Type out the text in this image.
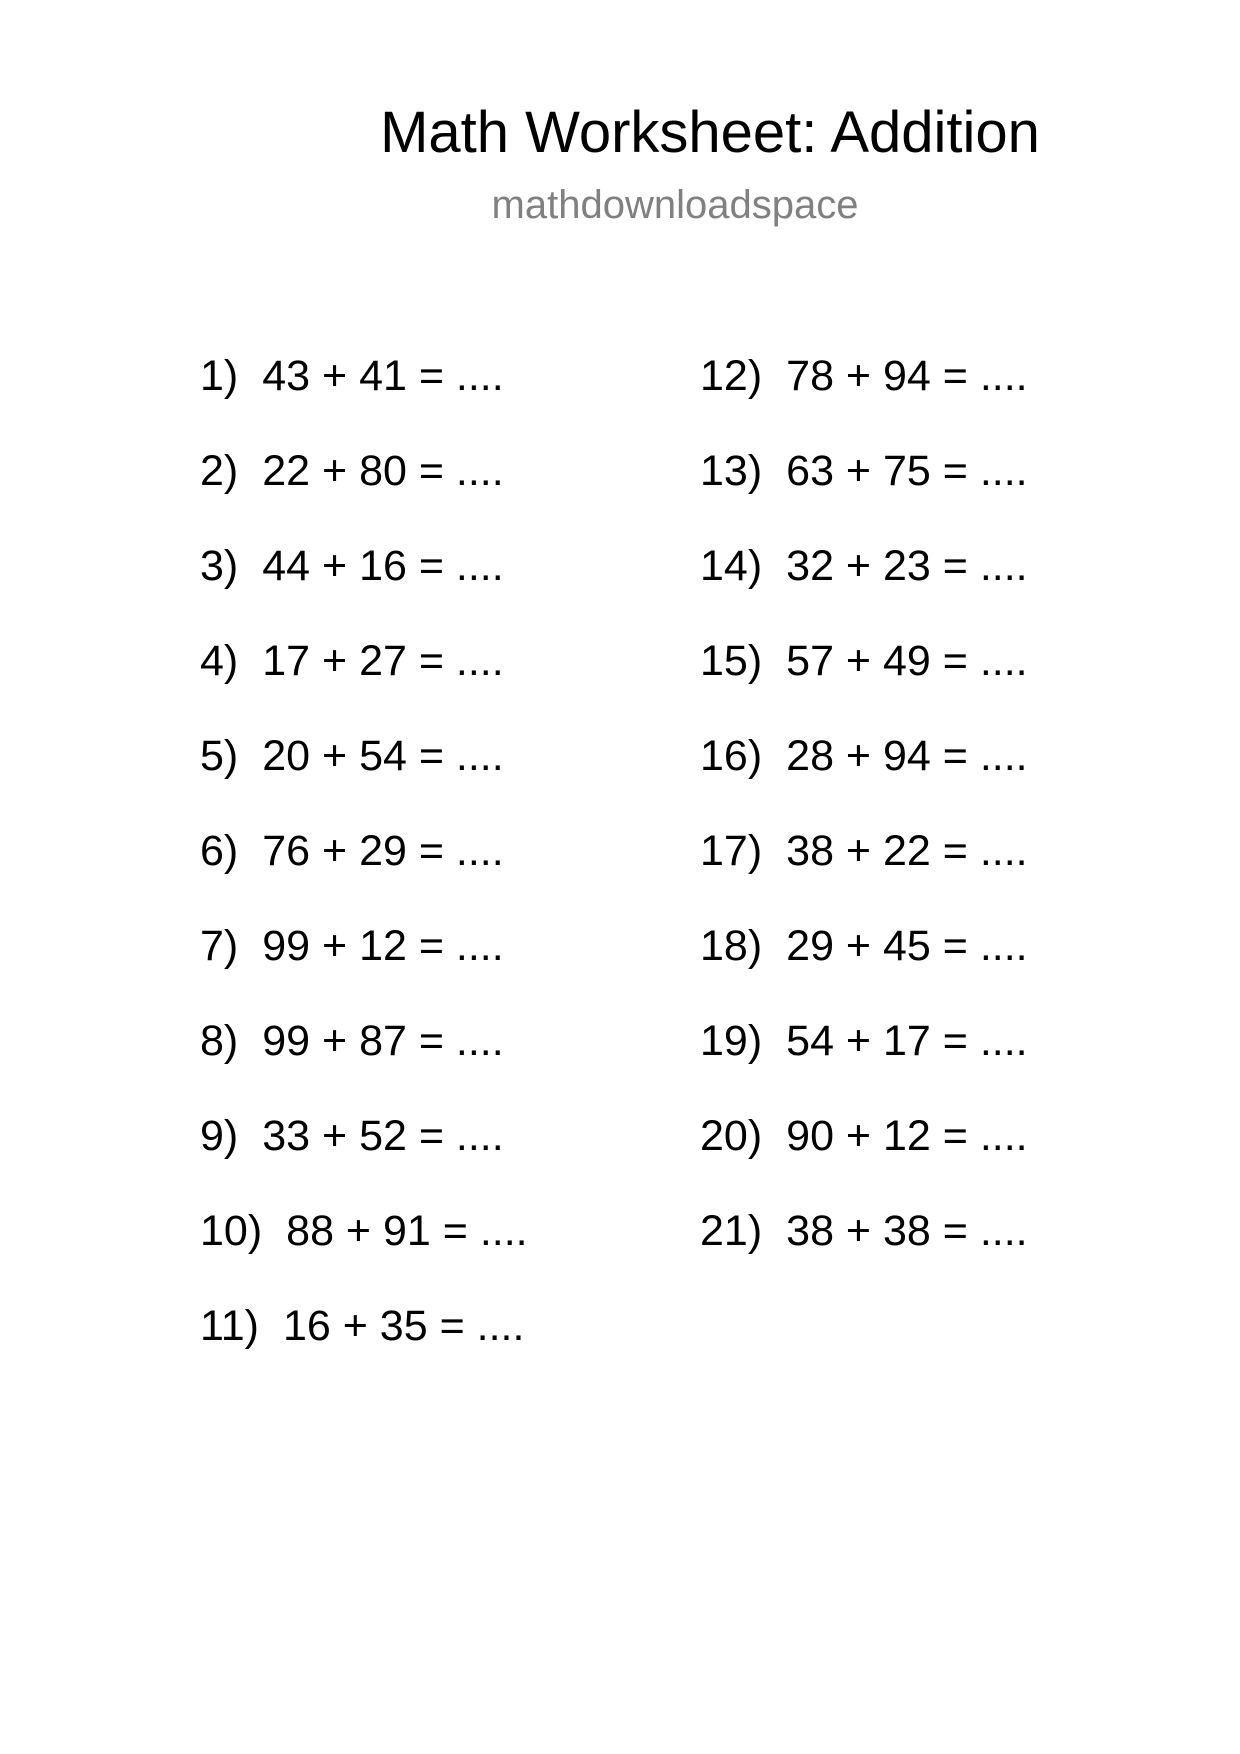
Math Worksheet: Addition
mathdownloadspace
1) 43 + 41 = ....
2) 22 + 80 = ....
3) 44 + 16 = ....
4) 17 + 27 = ....
5) 20 + 54 = ....
6) 76 + 29 = ....
7) 99 + 12 = ....
8) 99 + 87 = ....
9) 33 + 52 = ....
10) 88 + 91 = ....
11) 16 + 35 = ....
12) 78 + 94 = ....
13) 63 + 75 = ....
14) 32 + 23 = ....
15) 57 + 49 = ....
16) 28 + 94 = ....
17) 38 + 22 = ....
18) 29 + 45 = ....
19) 54 + 17 = ....
20) 90 + 12 = ....
21) 38 + 38 = ....
